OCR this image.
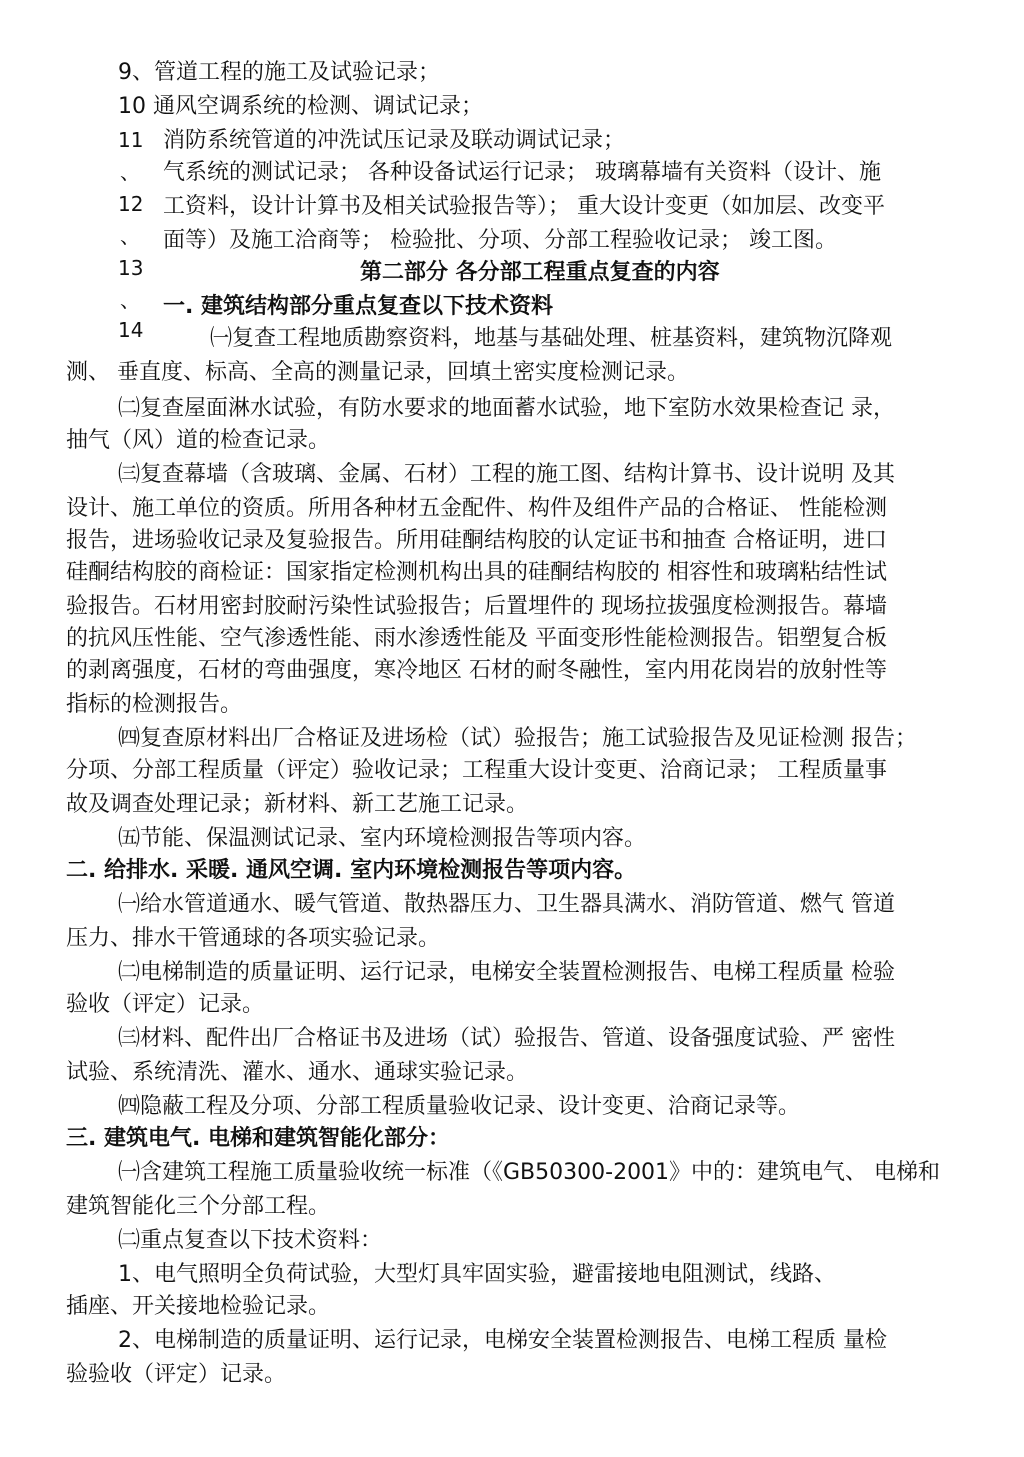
11
、
12
、
13
、
14
9、管道工程的施工及试验记录；
10 通风空调系统的检测、调试记录；
消防系统管道的冲洗试压记录及联动调试记录；
气系统的测试记录； 各种设备试运行记录； 玻璃幕墙有关资料（设计、施
工资料，设计计算书及相关试验报告等）； 重大设计变更（如加层、改变平
面等）及施工洽商等； 检验批、分项、分部工程验收记录； 竣工图。
第二部分 各分部工程重点复查的内容
一. 建筑结构部分重点复查以下技术资料
㈠复查工程地质勘察资料，地基与基础处理、桩基资料，建筑物沉降观
测、 垂直度、标高、全高的测量记录，回填土密实度检测记录。
㈡复查屋面淋水试验，有防水要求的地面蓄水试验，地下室防水效果检查记 录，
抽气（风）道的检查记录。
㈢复查幕墙（含玻璃、金属、石材）工程的施工图、结构计算书、设计说明 及其
设计、施工单位的资质。所用各种材五金配件、构件及组件产品的合格证、 性能检测
报告，进场验收记录及复验报告。所用硅酮结构胶的认定证书和抽查 合格证明，进口
硅酮结构胶的商检证：国家指定检测机构出具的硅酮结构胶的 相容性和玻璃粘结性试
验报告。石材用密封胶耐污染性试验报告；后置埋件的 现场拉拔强度检测报告。幕墙
的抗风压性能、空气渗透性能、雨水渗透性能及 平面变形性能检测报告。铝塑复合板
的剥离强度，石材的弯曲强度，寒冷地区 石材的耐冬融性，室内用花岗岩的放射性等
指标的检测报告。
㈣复查原材料出厂合格证及进场检（试）验报告；施工试验报告及见证检测 报告；
分项、分部工程质量（评定）验收记录；工程重大设计变更、洽商记录； 工程质量事
故及调查处理记录；新材料、新工艺施工记录。
㈤节能、保温测试记录、室内环境检测报告等项内容。
二. 给排水. 采暖. 通风空调. 室内环境检测报告等项内容。
㈠给水管道通水、暖气管道、散热器压力、卫生器具满水、消防管道、燃气 管道
压力、排水干管通球的各项实验记录。
㈡电梯制造的质量证明、运行记录，电梯安全装置检测报告、电梯工程质量 检验
验收（评定）记录。
㈢材料、配件出厂合格证书及进场（试）验报告、管道、设备强度试验、严 密性
试验、系统清洗、灌水、通水、通球实验记录。
㈣隐蔽工程及分项、分部工程质量验收记录、设计变更、洽商记录等。
三. 建筑电气. 电梯和建筑智能化部分：
㈠含建筑工程施工质量验收统一标准（《GB50300-2001》中的：建筑电气、 电梯和
建筑智能化三个分部工程。
㈡重点复查以下技术资料：
1、电气照明全负荷试验，大型灯具牢固实验，避雷接地电阻测试，线路、
插座、开关接地检验记录。
2、电梯制造的质量证明、运行记录，电梯安全装置检测报告、电梯工程质 量检
验验收（评定）记录。
